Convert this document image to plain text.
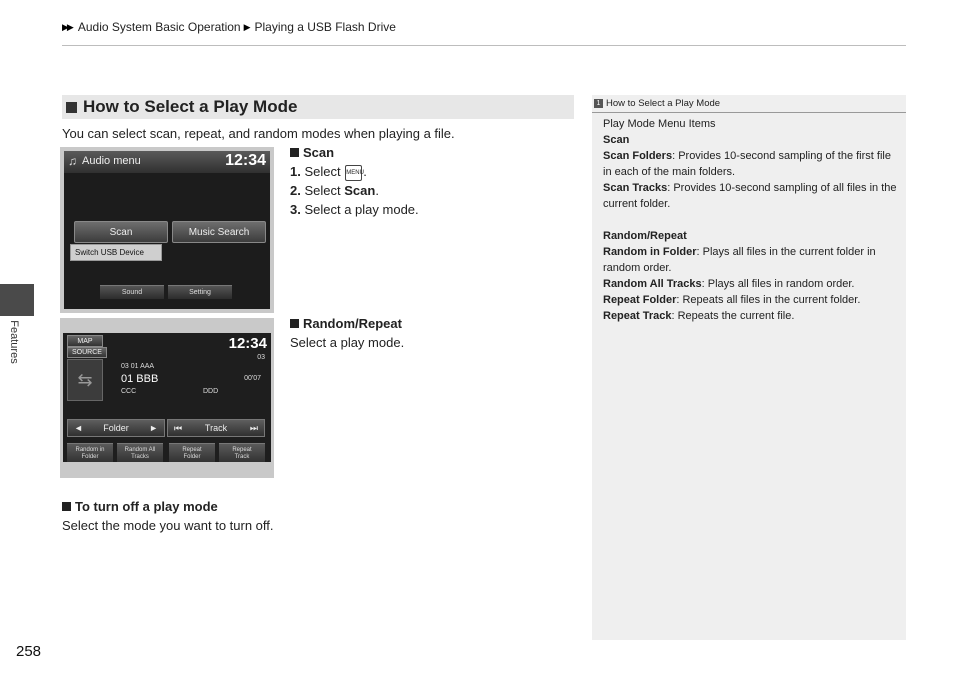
▶▶ Audio System Basic Operation ▶ Playing a USB Flash Drive
Features
258
How to Select a Play Mode
You can select scan, repeat, and random modes when playing a file.
♫ Audio menu	12:34
Scan	Music Search
Switch USB Device
Sound	Setting
Scan
1. Select MENU.
2. Select Scan.
3. Select a play mode.
MAP	12:34
SOURCE
03
⇆
03 01 AAA
01 BBB	00'07
CCC	DDD
◄ Folder ► ⏮	Track	⏭
Random in
Folder
Random All
Tracks
Repeat
Folder
Repeat
Track
Random/Repeat
Select a play mode.
To turn off a play mode
Select the mode you want to turn off.
1 How to Select a Play Mode

Play Mode Menu Items

Scan

Scan Folders: Provides 10-second sampling of the first file in each of the main folders.

Scan Tracks: Provides 10-second sampling of all files in the current folder.

Random/Repeat

Random in Folder: Plays all files in the current folder in random order.

Random All Tracks: Plays all files in random order.

Repeat Folder: Repeats all files in the current folder.

Repeat Track: Repeats the current file.
